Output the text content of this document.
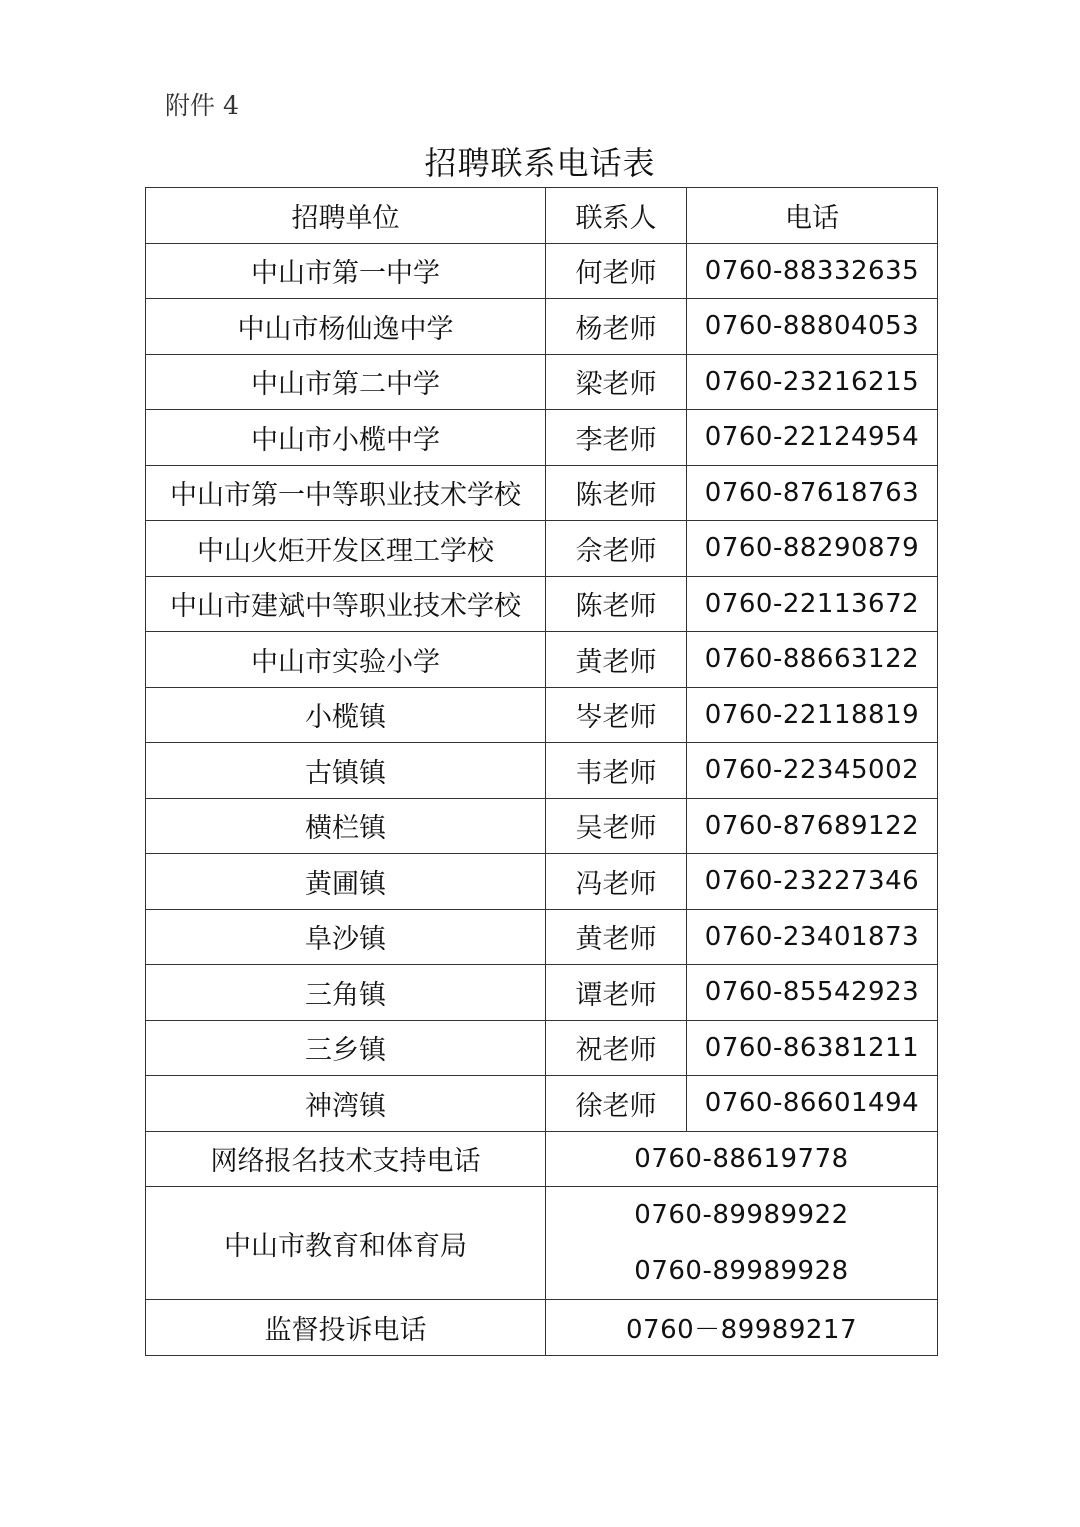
附件 4
招聘联系电话表
招聘单位	联系人	电话
中山市第一中学	何老师	0760-88332635
中山市杨仙逸中学	杨老师	0760-88804053
中山市第二中学	梁老师	0760-23216215
中山市小榄中学	李老师	0760-22124954
中山市第一中等职业技术学校	陈老师	0760-87618763
中山火炬开发区理工学校	佘老师	0760-88290879
中山市建斌中等职业技术学校	陈老师	0760-22113672
中山市实验小学	黄老师	0760-88663122
小榄镇	岑老师	0760-22118819
古镇镇	韦老师	0760-22345002
横栏镇	吴老师	0760-87689122
黄圃镇	冯老师	0760-23227346
阜沙镇	黄老师	0760-23401873
三角镇	谭老师	0760-85542923
三乡镇	祝老师	0760-86381211
神湾镇	徐老师	0760-86601494
网络报名技术支持电话	0760-88619778	
中山市教育和体育局	0760-89989922
0760-89989928	

监督投诉电话	0760－89989217	
